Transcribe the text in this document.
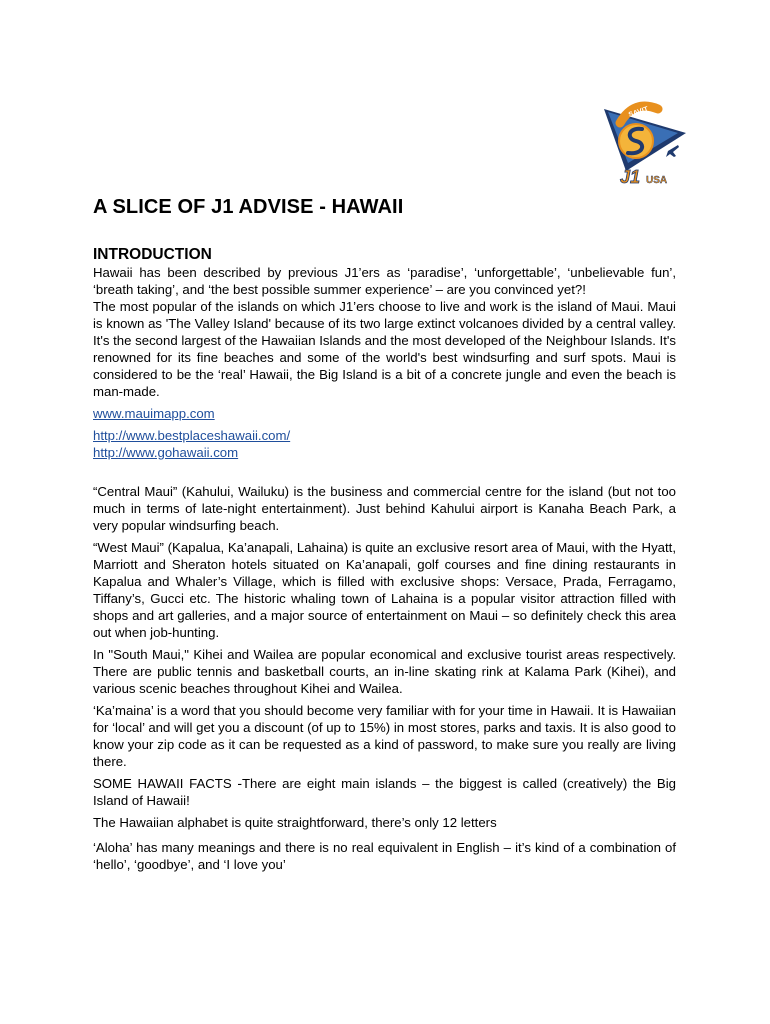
SAVIT
J1 USA
A SLICE OF J1 ADVISE - HAWAII
INTRODUCTION

Hawaii has been described by previous J1’ers as ‘paradise’, ‘unforgettable’, ‘unbelievable fun’, ‘breath taking’, and ‘the best possible summer experience’ – are you convinced yet?!

The most popular of the islands on which J1’ers choose to live and work is the island of Maui. Maui is known as 'The Valley Island' because of its two large extinct volcanoes divided by a central valley. It's the second largest of the Hawaiian Islands and the most developed of the Neighbour Islands. It's renowned for its fine beaches and some of the world's best windsurfing and surf spots. Maui is considered to be the ‘real’ Hawaii, the Big Island is a bit of a concrete jungle and even the beach is man-made.

www.mauimapp.com
http://www.bestplaceshawaii.com/
http://www.gohawaii.com

“Central Maui” (Kahului, Wailuku) is the business and commercial centre for the island (but not too much in terms of late-night entertainment). Just behind Kahului airport is Kanaha Beach Park, a very popular windsurfing beach.

“West Maui” (Kapalua, Ka’anapali, Lahaina) is quite an exclusive resort area of Maui, with the Hyatt, Marriott and Sheraton hotels situated on Ka’anapali, golf courses and fine dining restaurants in Kapalua and Whaler’s Village, which is filled with exclusive shops: Versace, Prada, Ferragamo, Tiffany’s, Gucci etc. The historic whaling town of Lahaina is a popular visitor attraction filled with shops and art galleries, and a major source of entertainment on Maui – so definitely check this area out when job-hunting.

In "South Maui," Kihei and Wailea are popular economical and exclusive tourist areas respectively. There are public tennis and basketball courts, an in-line skating rink at Kalama Park (Kihei), and various scenic beaches throughout Kihei and Wailea.

‘Ka’maina’ is a word that you should become very familiar with for your time in Hawaii. It is Hawaiian for ‘local’ and will get you a discount (of up to 15%) in most stores, parks and taxis. It is also good to know your zip code as it can be requested as a kind of password, to make sure you really are living there.

SOME HAWAII FACTS -There are eight main islands – the biggest is called (creatively) the Big Island of Hawaii!

The Hawaiian alphabet is quite straightforward, there’s only 12 letters

‘Aloha’ has many meanings and there is no real equivalent in English – it’s kind of a combination of ‘hello’, ‘goodbye’, and ‘I love you’
